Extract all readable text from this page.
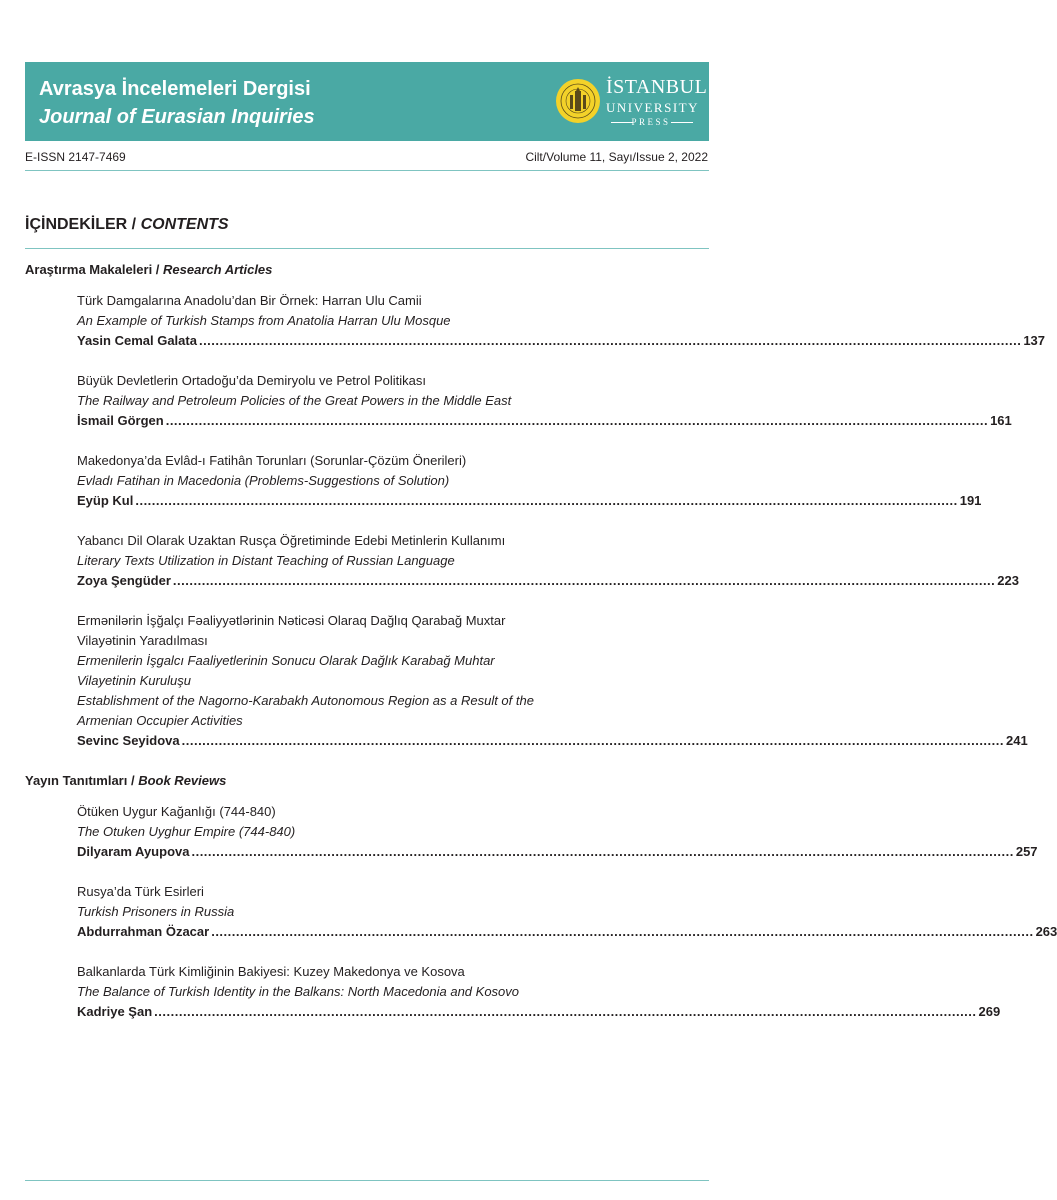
Avrasya İncelemeleri Dergisi
Journal of Eurasian Inquiries
İSTANBUL
UNIVERSITY
PRESS
E-ISSN 2147-7469	Cilt/Volume 11, Sayı/Issue 2, 2022
İÇİNDEKİLER / CONTENTS
Araştırma Makaleleri / Research Articles
Türk Damgalarına Anadolu’dan Bir Örnek: Harran Ulu Camii
An Example of Turkish Stamps from Anatolia Harran Ulu Mosque
Yasin Cemal Galata ........................................................................................................................................................................................................ 137
Büyük Devletlerin Ortadoğu’da Demiryolu ve Petrol Politikası
The Railway and Petroleum Policies of the Great Powers in the Middle East
İsmail Görgen ........................................................................................................................................................................................................ 161
Makedonya’da Evlâd-ı Fatihân Torunları (Sorunlar-Çözüm Önerileri)
Evladı Fatihan in Macedonia (Problems-Suggestions of Solution)
Eyüp Kul ........................................................................................................................................................................................................ 191
Yabancı Dil Olarak Uzaktan Rusça Öğretiminde Edebi Metinlerin Kullanımı
Literary Texts Utilization in Distant Teaching of Russian Language
Zoya Şengüder ........................................................................................................................................................................................................ 223
Ermənilərin İşğalçı Fəaliyyətlərinin Nəticəsi Olaraq Dağlıq Qarabağ Muxtar
Vilayətinin Yaradılması
Ermenilerin İşgalcı Faaliyetlerinin Sonucu Olarak Dağlık Karabağ Muhtar
Vilayetinin Kuruluşu
Establishment of the Nagorno-Karabakh Autonomous Region as a Result of the
Armenian Occupier Activities
Sevinc Seyidova ........................................................................................................................................................................................................ 241
Yayın Tanıtımları / Book Reviews
Ötüken Uygur Kağanlığı (744-840)
The Otuken Uyghur Empire (744-840)
Dilyaram Ayupova ........................................................................................................................................................................................................ 257
Rusya’da Türk Esirleri
Turkish Prisoners in Russia
Abdurrahman Özacar ........................................................................................................................................................................................................ 263
Balkanlarda Türk Kimliğinin Bakiyesi: Kuzey Makedonya ve Kosova
The Balance of Turkish Identity in the Balkans: North Macedonia and Kosovo
Kadriye Şan ........................................................................................................................................................................................................ 269
